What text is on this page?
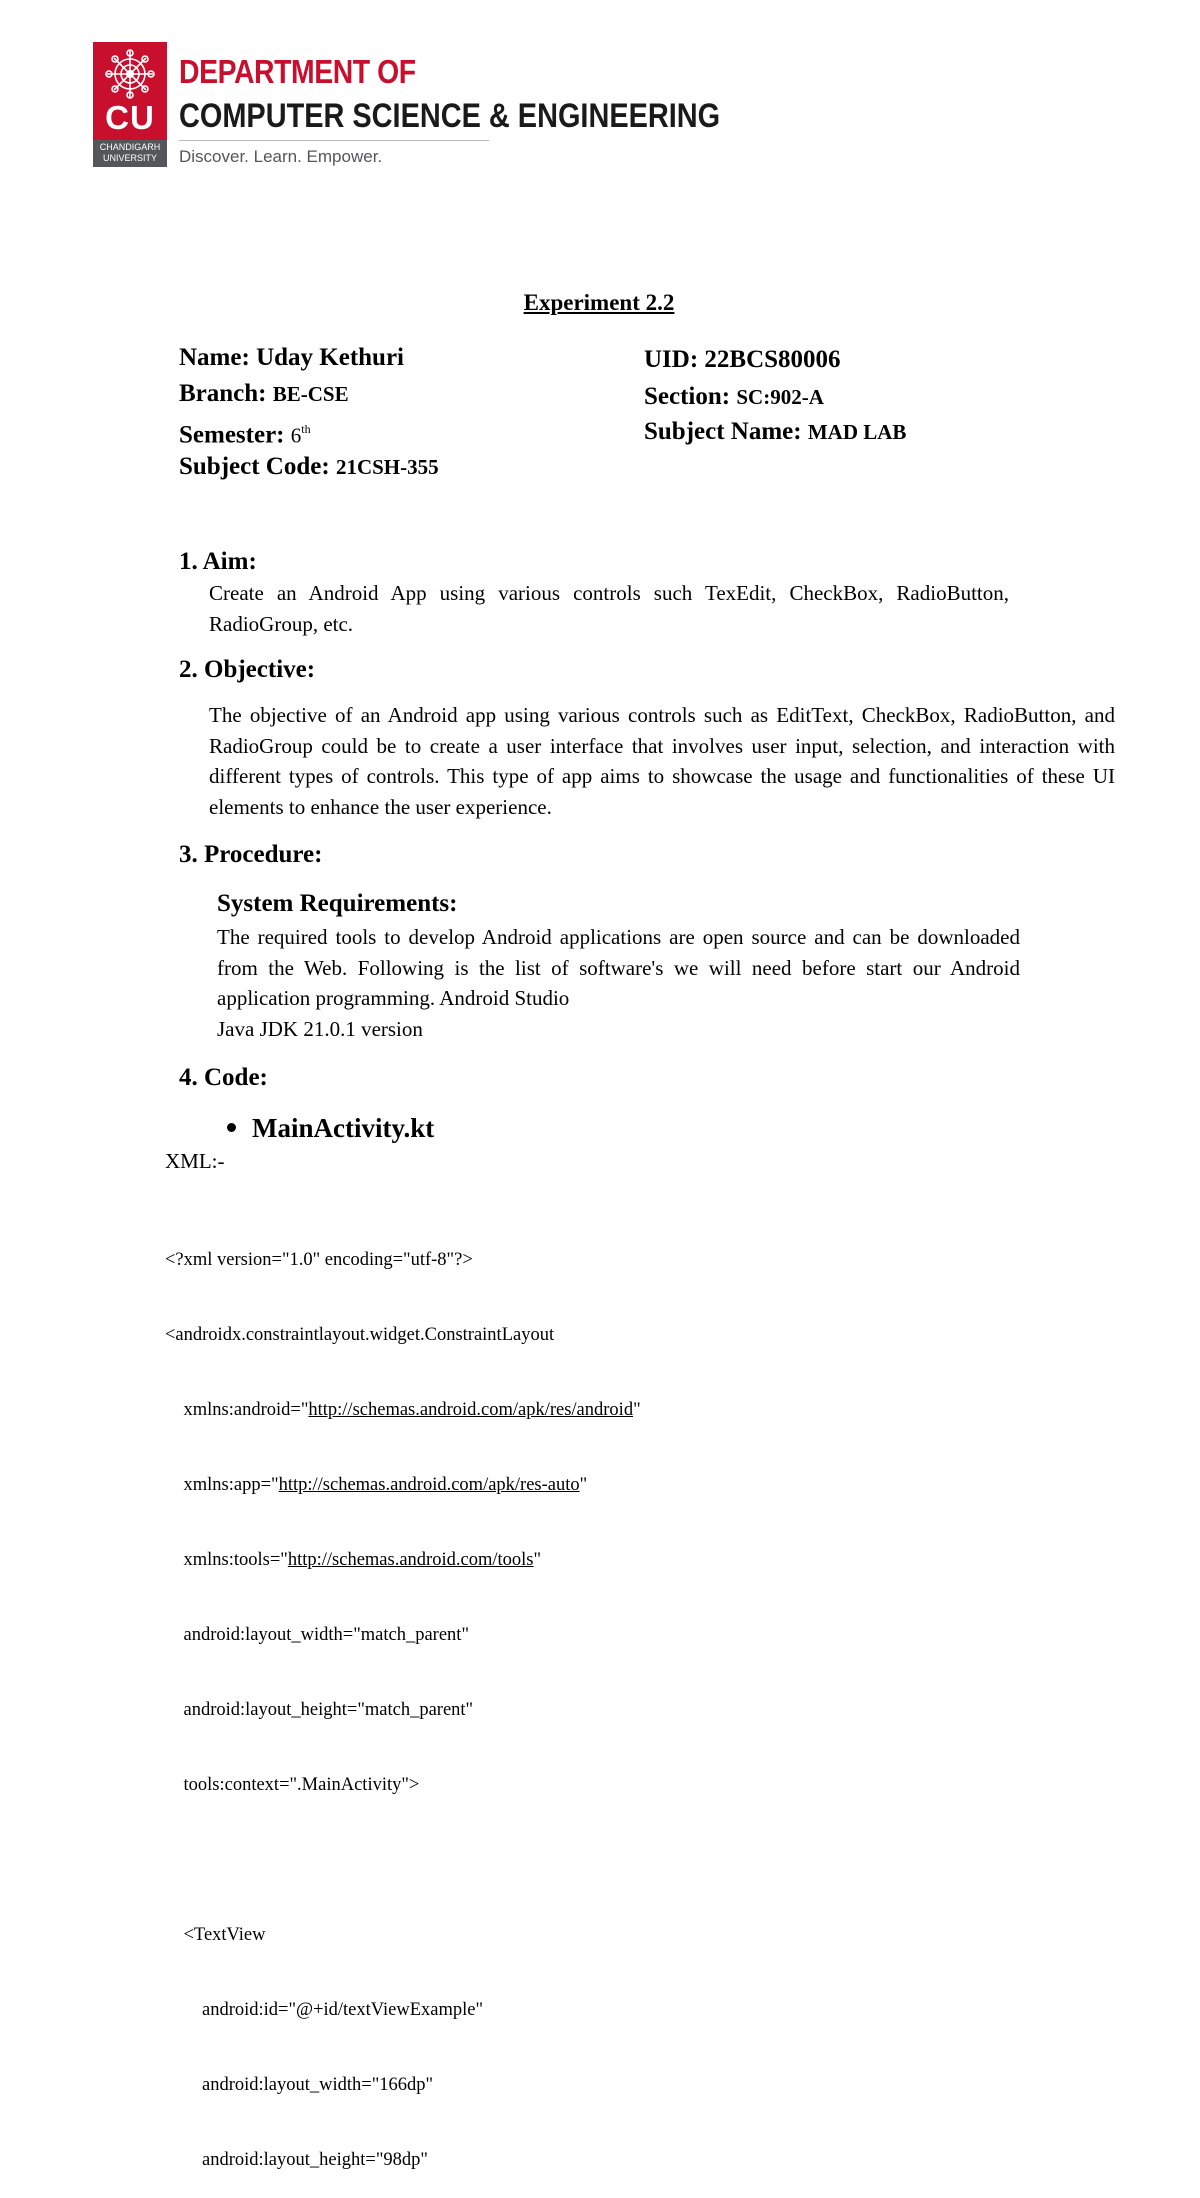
CU
CHANDIGARH
UNIVERSITY
DEPARTMENT OF
COMPUTER SCIENCE & ENGINEERING
Discover. Learn. Empower.
Experiment 2.2
Name: Uday Kethuri	UID: 22BCS80006
Branch: BE-CSE	Section: SC:902-A
Semester: 6th	Subject Name: MAD LAB
Subject Code: 21CSH-355
1. Aim:
Create an Android App using various controls such TexEdit, CheckBox, RadioButton, RadioGroup, etc.
2. Objective:
The objective of an Android app using various controls such as EditText, CheckBox, RadioButton, and RadioGroup could be to create a user interface that involves user input, selection, and interaction with different types of controls. This type of app aims to showcase the usage and functionalities of these UI elements to enhance the user experience.
3. Procedure:
System Requirements:
The required tools to develop Android applications are open source and can be downloaded from the Web. Following is the list of software's we will need before start our Android application programming. Android Studio
Java JDK 21.0.1 version
4. Code:
MainActivity.kt
XML:-

<?xml version="1.0" encoding="utf-8"?>

<androidx.constraintlayout.widget.ConstraintLayout

xmlns:android="http://schemas.android.com/apk/res/android"

xmlns:app="http://schemas.android.com/apk/res-auto"

xmlns:tools="http://schemas.android.com/tools"

android:layout_width="match_parent"

android:layout_height="match_parent"

tools:context=".MainActivity">

<TextView

android:id="@+id/textViewExample"

android:layout_width="166dp"

android:layout_height="98dp"
